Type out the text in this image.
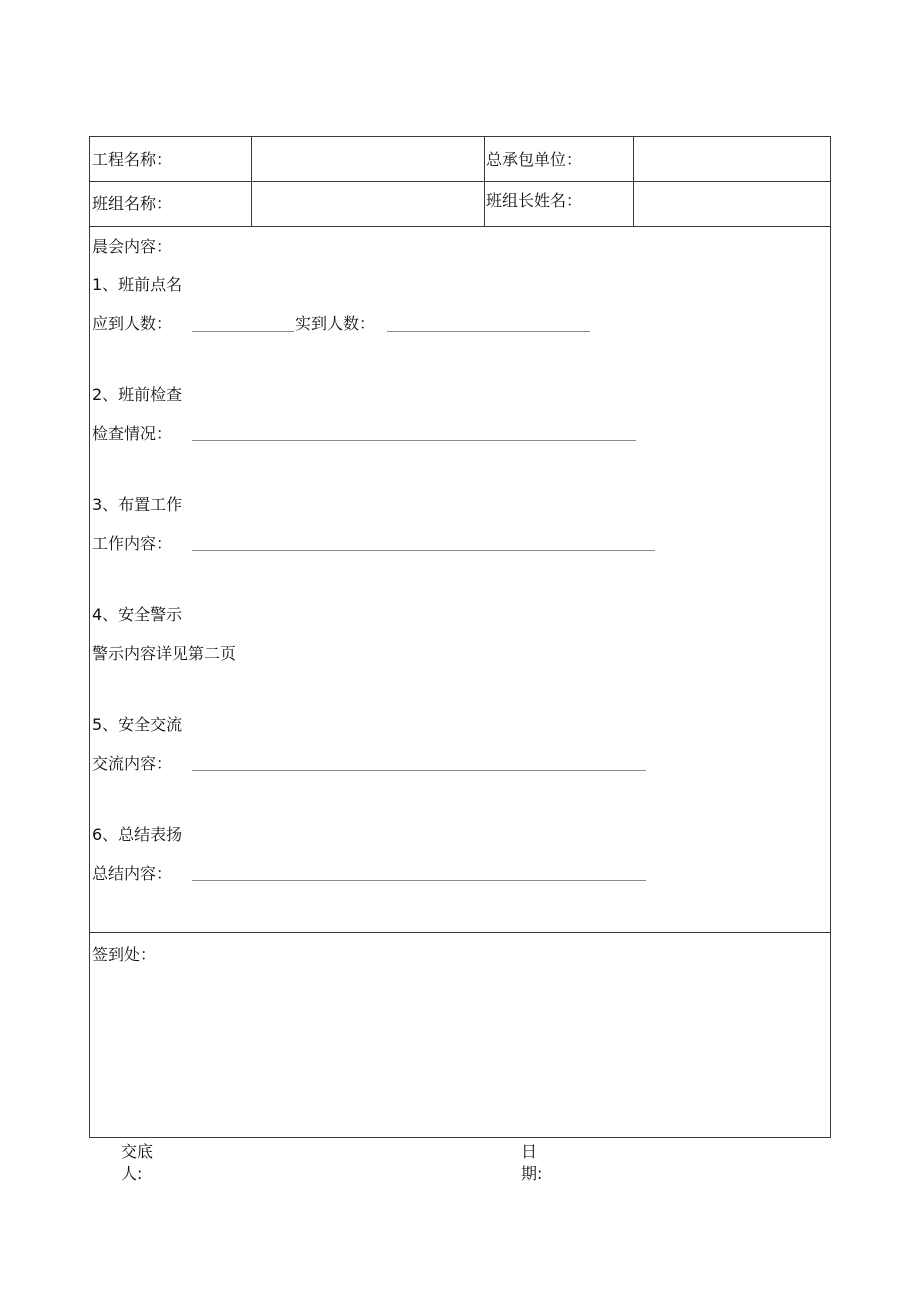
工程名称：	总承包单位：
班组名称：	班组长姓名：
晨会内容：
1、班前点名
应到人数：	实到人数：
2、班前检查
检查情况：
3、布置工作
工作内容：
4、安全警示
警示内容详见第二页
5、安全交流
交流内容：
6、总结表扬
总结内容：
签到处：
交底
人:
日
期:
